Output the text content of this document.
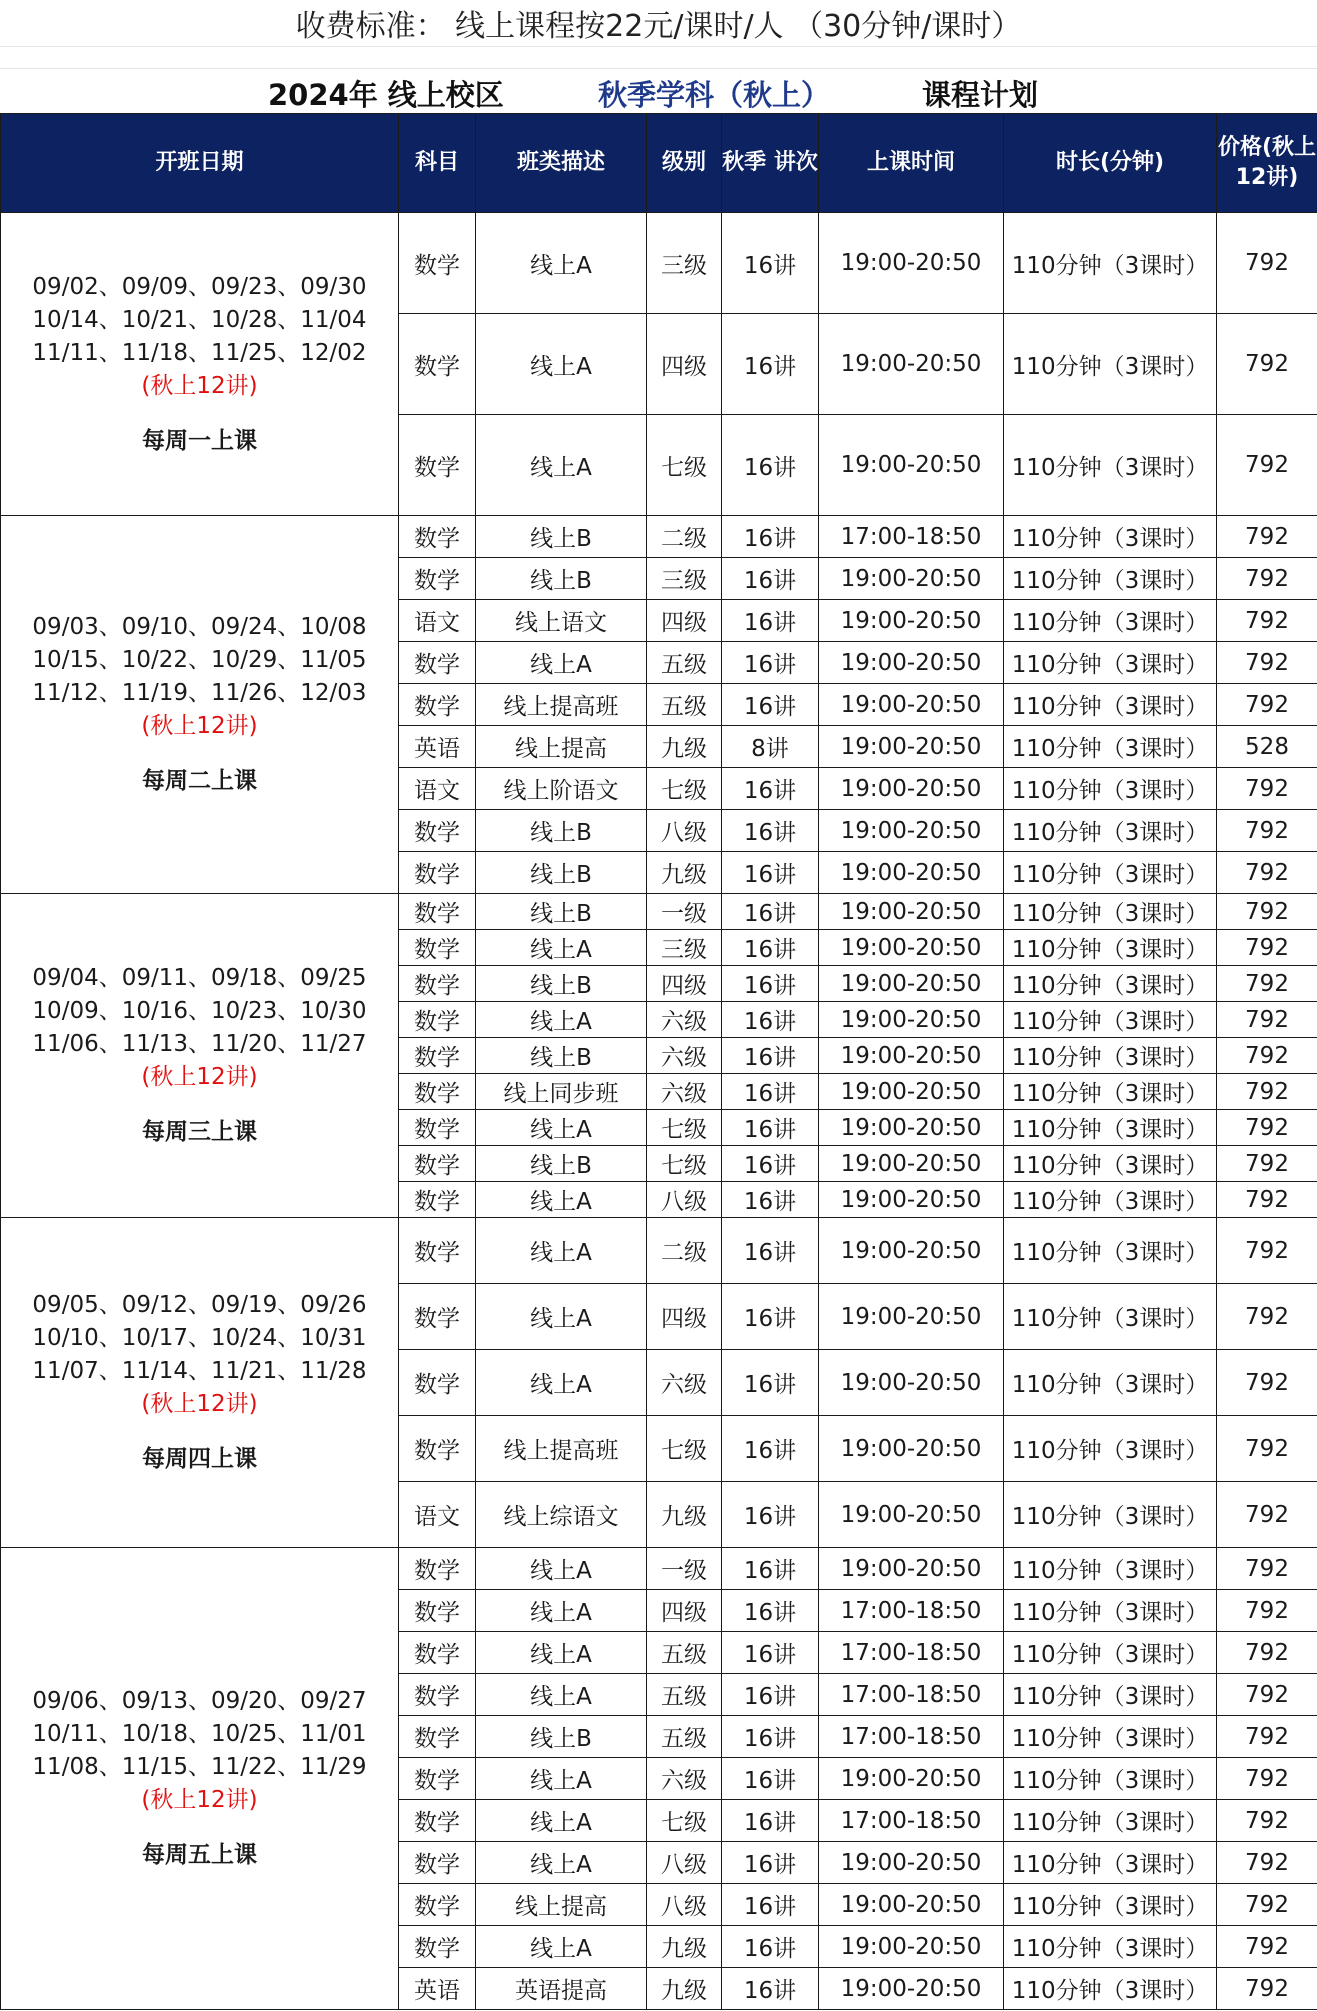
收费标准： 线上课程按22元/课时/人 （30分钟/课时）
2024年 线上校区	秋季学科（秋上）	课程计划
开班日期	科目	班类描述	级别	秋季 讲次	上课时间	时长(分钟)	价格(秋上12讲)

09/02、09/09、09/23、09/30
10/14、10/21、10/28、11/04
11/11、11/18、11/25、12/02
(秋上12讲)
每周一上课	数学	线上A	三级	16讲	19:00-20:50	110分钟（3课时）	792
	数学	线上A	四级	16讲	19:00-20:50	110分钟（3课时）	792
	数学	线上A	七级	16讲	19:00-20:50	110分钟（3课时）	792

09/03、09/10、09/24、10/08
10/15、10/22、10/29、11/05
11/12、11/19、11/26、12/03
(秋上12讲)
每周二上课	数学	线上B	二级	16讲	17:00-18:50	110分钟（3课时）	792
	数学	线上B	三级	16讲	19:00-20:50	110分钟（3课时）	792
	语文	线上语文	四级	16讲	19:00-20:50	110分钟（3课时）	792
	数学	线上A	五级	16讲	19:00-20:50	110分钟（3课时）	792
	数学	线上提高班	五级	16讲	19:00-20:50	110分钟（3课时）	792
	英语	线上提高	九级	8讲	19:00-20:50	110分钟（3课时）	528
	语文	线上阶语文	七级	16讲	19:00-20:50	110分钟（3课时）	792
	数学	线上B	八级	16讲	19:00-20:50	110分钟（3课时）	792
	数学	线上B	九级	16讲	19:00-20:50	110分钟（3课时）	792

09/04、09/11、09/18、09/25
10/09、10/16、10/23、10/30
11/06、11/13、11/20、11/27
(秋上12讲)
每周三上课	数学	线上B	一级	16讲	19:00-20:50	110分钟（3课时）	792
	数学	线上A	三级	16讲	19:00-20:50	110分钟（3课时）	792
	数学	线上B	四级	16讲	19:00-20:50	110分钟（3课时）	792
	数学	线上A	六级	16讲	19:00-20:50	110分钟（3课时）	792
	数学	线上B	六级	16讲	19:00-20:50	110分钟（3课时）	792
	数学	线上同步班	六级	16讲	19:00-20:50	110分钟（3课时）	792
	数学	线上A	七级	16讲	19:00-20:50	110分钟（3课时）	792
	数学	线上B	七级	16讲	19:00-20:50	110分钟（3课时）	792
	数学	线上A	八级	16讲	19:00-20:50	110分钟（3课时）	792

09/05、09/12、09/19、09/26
10/10、10/17、10/24、10/31
11/07、11/14、11/21、11/28
(秋上12讲)
每周四上课	数学	线上A	二级	16讲	19:00-20:50	110分钟（3课时）	792
	数学	线上A	四级	16讲	19:00-20:50	110分钟（3课时）	792
	数学	线上A	六级	16讲	19:00-20:50	110分钟（3课时）	792
	数学	线上提高班	七级	16讲	19:00-20:50	110分钟（3课时）	792
	语文	线上综语文	九级	16讲	19:00-20:50	110分钟（3课时）	792

09/06、09/13、09/20、09/27
10/11、10/18、10/25、11/01
11/08、11/15、11/22、11/29
(秋上12讲)
每周五上课	数学	线上A	一级	16讲	19:00-20:50	110分钟（3课时）	792
	数学	线上A	四级	16讲	17:00-18:50	110分钟（3课时）	792
	数学	线上A	五级	16讲	17:00-18:50	110分钟（3课时）	792
	数学	线上A	五级	16讲	17:00-18:50	110分钟（3课时）	792
	数学	线上B	五级	16讲	17:00-18:50	110分钟（3课时）	792
	数学	线上A	六级	16讲	19:00-20:50	110分钟（3课时）	792
	数学	线上A	七级	16讲	17:00-18:50	110分钟（3课时）	792
	数学	线上A	八级	16讲	19:00-20:50	110分钟（3课时）	792
	数学	线上提高	八级	16讲	19:00-20:50	110分钟（3课时）	792
	数学	线上A	九级	16讲	19:00-20:50	110分钟（3课时）	792
	英语	英语提高	九级	16讲	19:00-20:50	110分钟（3课时）	792
